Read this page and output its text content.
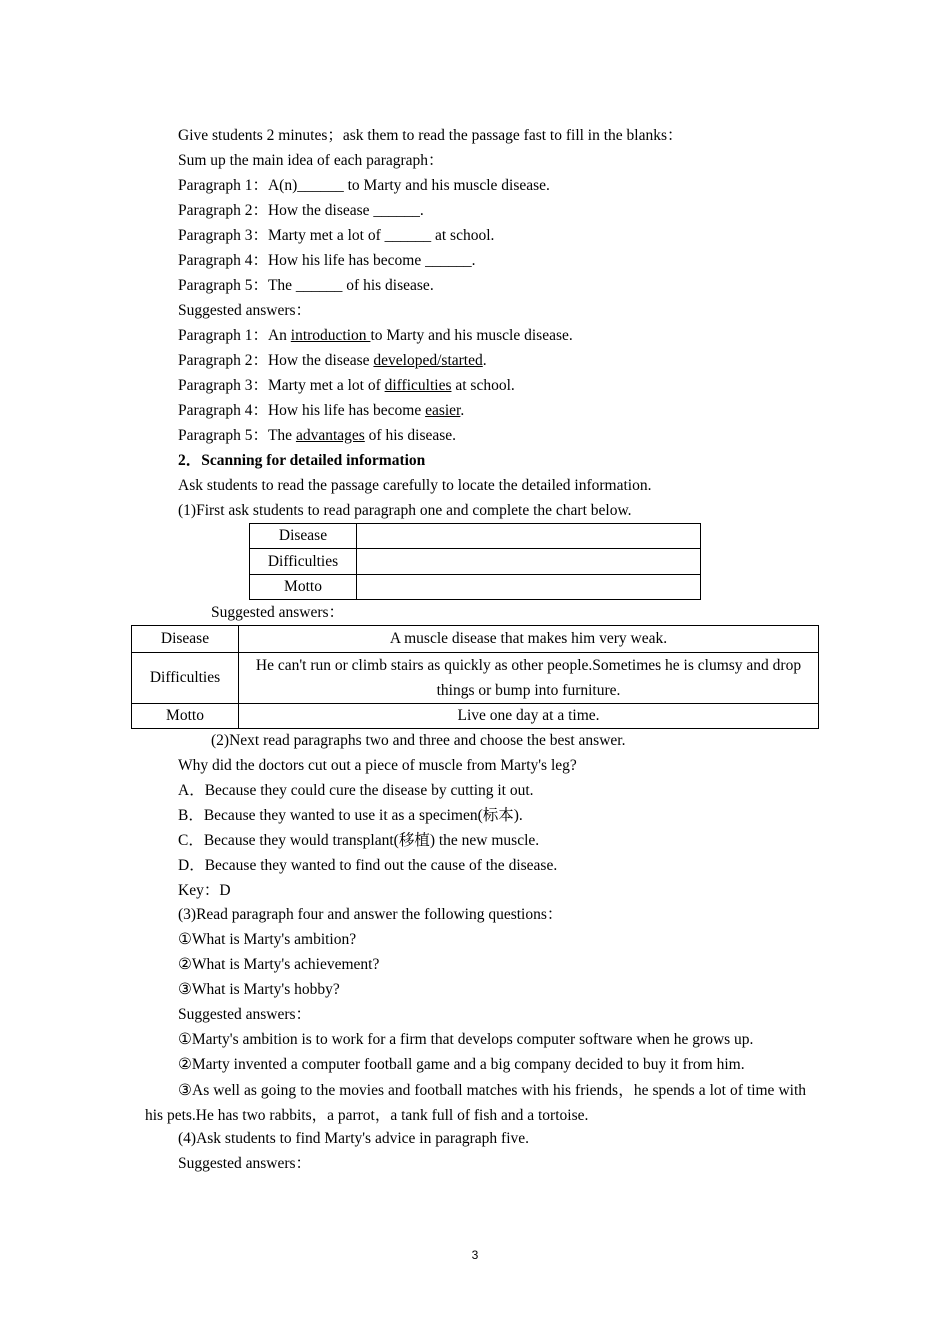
Give students 2 minutes；ask them to read the passage fast to fill in the blanks：
Sum up the main idea of each paragraph：
Paragraph 1：A(n)______ to Marty and his muscle disease.
Paragraph 2：How the disease ______.
Paragraph 3：Marty met a lot of ______ at school.
Paragraph 4：How his life has become ______.
Paragraph 5：The ______ of his disease.
Suggested answers：
Paragraph 1：An introduction to Marty and his muscle disease.
Paragraph 2：How the disease developed/started.
Paragraph 3：Marty met a lot of difficulties at school.
Paragraph 4：How his life has become easier.
Paragraph 5：The advantages of his disease.
2．Scanning for detailed information
Ask students to read the passage carefully to locate the detailed information.
(1)First ask students to read paragraph one and complete the chart below.
Disease	
Difficulties	
Motto	
Suggested answers：
Disease	A muscle disease that makes him very weak.
Difficulties	He can't run or climb stairs as quickly as other people.Sometimes he is clumsy and drop things or bump into furniture.
Motto	Live one day at a time.
(2)Next read paragraphs two and three and choose the best answer.
Why did the doctors cut out a piece of muscle from Marty's leg?
A．Because they could cure the disease by cutting it out.
B．Because they wanted to use it as a specimen(标本).
C．Because they would transplant(移植) the new muscle.
D．Because they wanted to find out the cause of the disease.
Key：D
(3)Read paragraph four and answer the following questions：
①What is Marty's ambition?
②What is Marty's achievement?
③What is Marty's hobby?
Suggested answers：
①Marty's ambition is to work for a firm that develops computer software when he grows up.
②Marty invented a computer football game and a big company decided to buy it from him.
③As well as going to the movies and football matches with his friends，he spends a lot of time with his pets.He has two rabbits，a parrot，a tank full of fish and a tortoise.
(4)Ask students to find Marty's advice in paragraph five.
Suggested answers：
3
